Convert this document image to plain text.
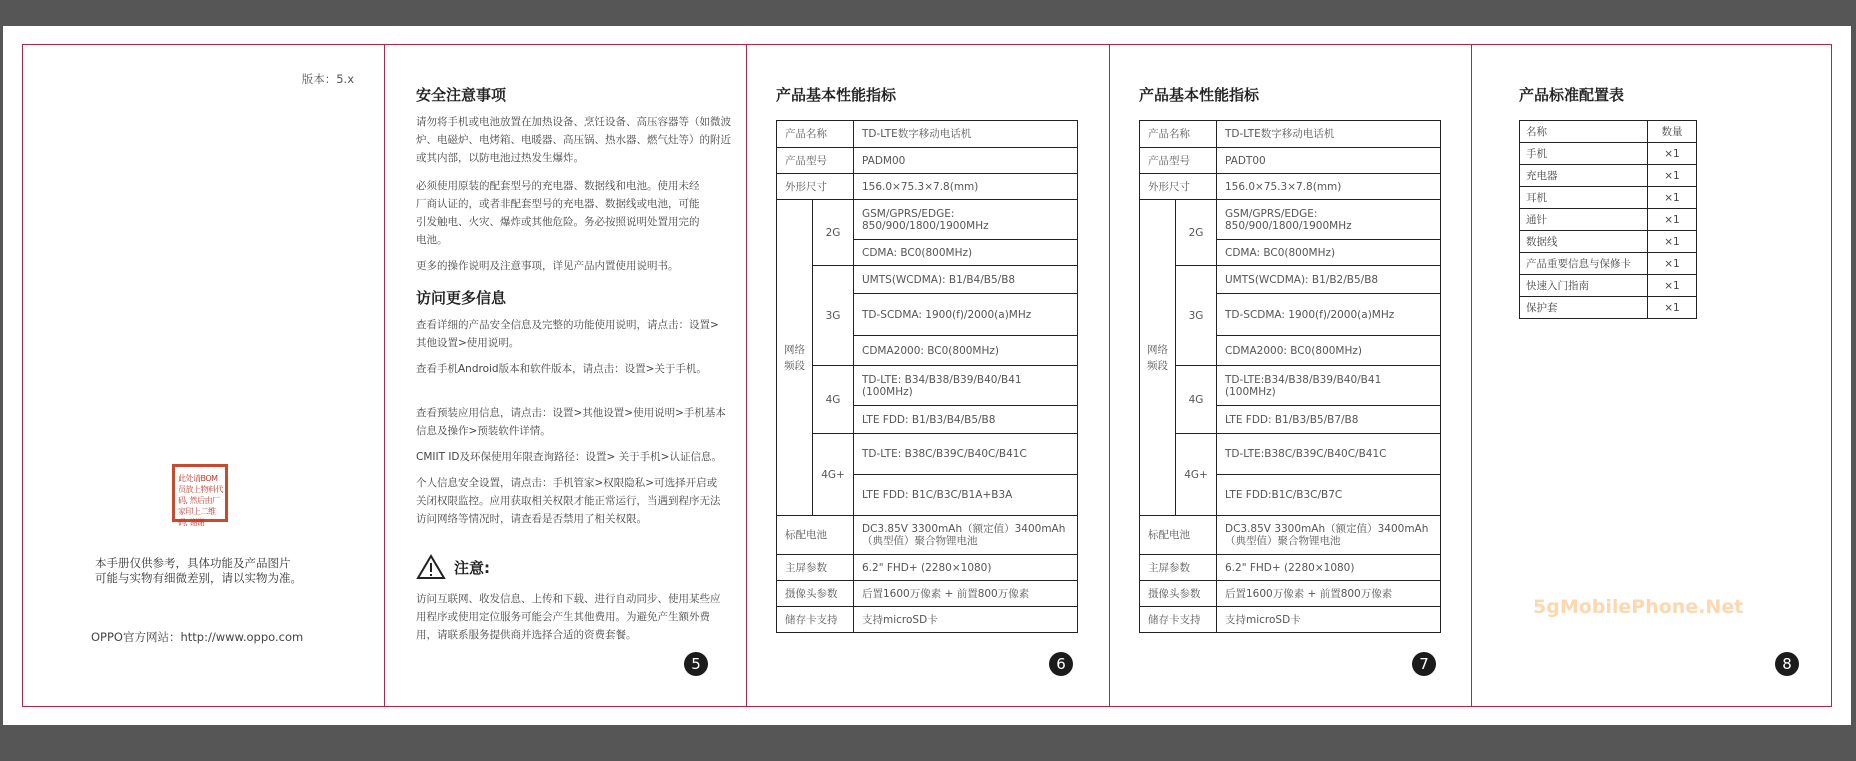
版本：5.x
此处请BOM员放上物料代码, 然后由厂家印上二维码, 谢谢
本手册仅供参考，具体功能及产品图片
可能与实物有细微差别，请以实物为准。
OPPO官方网站：http://www.oppo.com
安全注意事项
请勿将手机或电池放置在加热设备、烹饪设备、高压容器等（如微波炉、电磁炉、电烤箱、电暖器、高压锅、热水器、燃气灶等）的附近或其内部，以防电池过热发生爆炸。
必须使用原装的配套型号的充电器、数据线和电池。使用未经厂商认证的，或者非配套型号的充电器、数据线或电池，可能引发触电、火灾、爆炸或其他危险。务必按照说明处置用完的电池。
更多的操作说明及注意事项，详见产品内置使用说明书。
访问更多信息
查看详细的产品安全信息及完整的功能使用说明，请点击：设置>其他设置>使用说明。
查看手机Android版本和软件版本，请点击：设置>关于手机。
查看预装应用信息，请点击：设置>其他设置>使用说明>手机基本信息及操作>预装软件详情。
CMIIT ID及环保使用年限查询路径：设置> 关于手机>认证信息。
个人信息安全设置，请点击：手机管家>权限隐私>可选择开启或关闭权限监控。应用获取相关权限才能正常运行，当遇到程序无法访问网络等情况时，请查看是否禁用了相关权限。
注意:
访问互联网、收发信息、上传和下载、进行自动同步、使用某些应用程序或使用定位服务可能会产生其他费用。为避免产生额外费用，请联系服务提供商并选择合适的资费套餐。
5
产品基本性能指标
产品名称		TD-LTE数字移动电话机
产品型号		PADM00
外形尺寸		156.0×75.3×7.8(mm)
网络频段	2G	GSM/GPRS/EDGE: 850/900/1800/1900MHz
		CDMA: BC0(800MHz)
	3G	UMTS(WCDMA): B1/B4/B5/B8
		TD-SCDMA: 1900(f)/2000(a)MHz
		CDMA2000: BC0(800MHz)
	4G	TD-LTE: B34/B38/B39/B40/B41 (100MHz)
		LTE FDD: B1/B3/B4/B5/B8
	4G+	TD-LTE: B38C/B39C/B40C/B41C
		LTE FDD: B1C/B3C/B1A+B3A
标配电池		DC3.85V 3300mAh（额定值）3400mAh（典型值）聚合物锂电池
主屏参数		6.2" FHD+ (2280×1080)
摄像头参数		后置1600万像素 + 前置800万像素
储存卡支持		支持microSD卡
6
产品基本性能指标
产品名称		TD-LTE数字移动电话机
产品型号		PADT00
外形尺寸		156.0×75.3×7.8(mm)
网络频段	2G	GSM/GPRS/EDGE: 850/900/1800/1900MHz
		CDMA: BC0(800MHz)
	3G	UMTS(WCDMA): B1/B2/B5/B8
		TD-SCDMA: 1900(f)/2000(a)MHz
		CDMA2000: BC0(800MHz)
	4G	TD-LTE:B34/B38/B39/B40/B41 (100MHz)
		LTE FDD: B1/B3/B5/B7/B8
	4G+	TD-LTE:B38C/B39C/B40C/B41C
		LTE FDD:B1C/B3C/B7C
标配电池		DC3.85V 3300mAh（额定值）3400mAh（典型值）聚合物锂电池
主屏参数		6.2" FHD+ (2280×1080)
摄像头参数		后置1600万像素 + 前置800万像素
储存卡支持		支持microSD卡
7
产品标准配置表
名称	数量
手机	×1
充电器	×1
耳机	×1
通针	×1
数据线	×1
产品重要信息与保修卡	×1
快速入门指南	×1
保护套	×1
5gMobilePhone.Net
8
